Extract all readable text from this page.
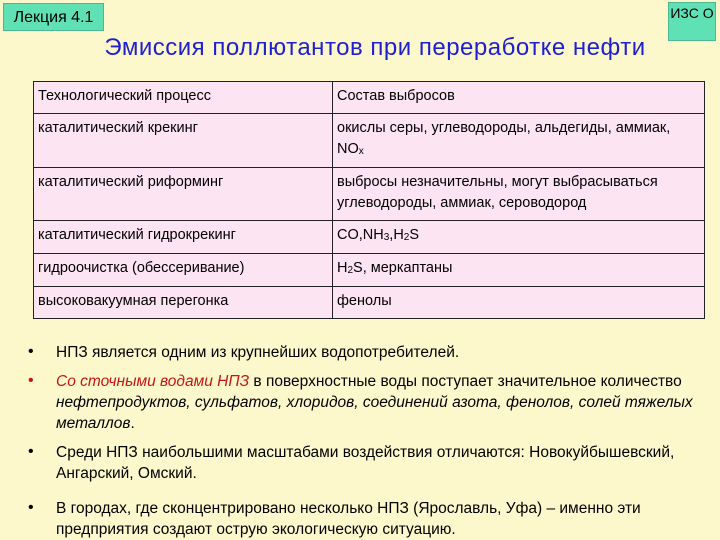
Лекция 4.1	ИЗС О
Эмиссия поллютантов при переработке нефти
Технологический процесс	Состав выбросов
каталитический крекинг	окислы серы, углеводороды, альдегиды, аммиак, $NO_x$
каталитический риформинг	выбросы незначительны, могут выбрасываться углеводороды, аммиак, сероводород
каталитический гидрокрекинг	$CO,NH_3,H_2S$
гидроочистка (обессеривание)	$H_2S$, меркаптаны
высоковакуумная перегонка	фенолы
• НПЗ является одним из крупнейших водопотребителей.
• Со сточными водами НПЗ в поверхностные воды поступает значительное количество нефтепродуктов, сульфатов, хлоридов, соединений азота, фенолов, солей тяжелых металлов.
• Среди НПЗ наибольшими масштабами воздействия отличаются: Новокуйбышевский, Ангарский, Омский.
• В городах, где сконцентрировано несколько НПЗ (Ярославль, Уфа) – именно эти предприятия создают острую экологическую ситуацию.
